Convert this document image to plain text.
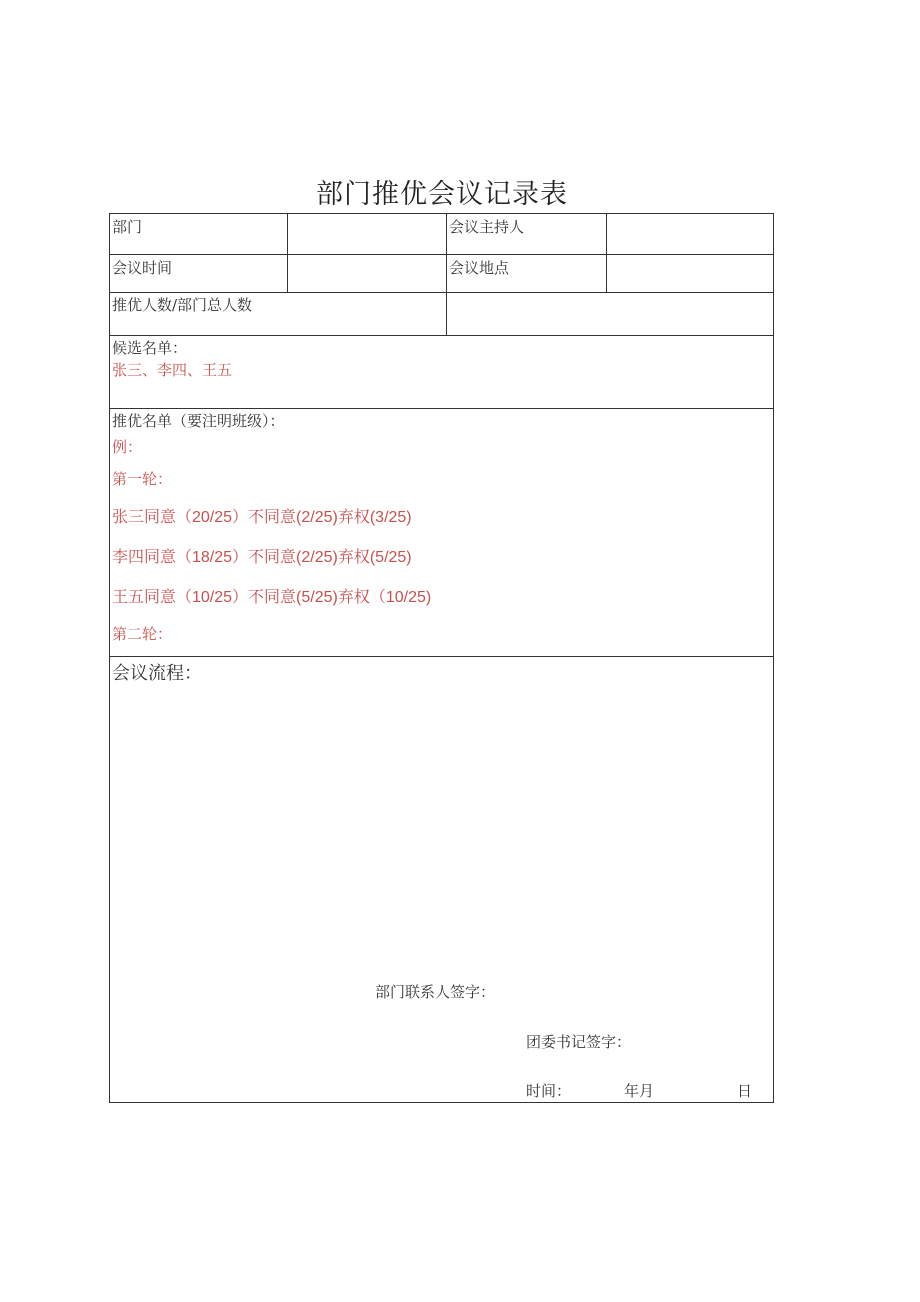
部门推优会议记录表
部门	会议主持人
会议时间	会议地点
推优人数/部门总人数
候选名单：
张三、李四、王五
推优名单（要注明班级）：
例：
第一轮：
张三同意（20/25）不同意(2/25)弃权(3/25)
李四同意（18/25）不同意(2/25)弃权(5/25)
王五同意（10/25）不同意(5/25)弃权（10/25)
第二轮：
会议流程：
部门联系人签字：
团委书记签字：
时间：	年月	日
